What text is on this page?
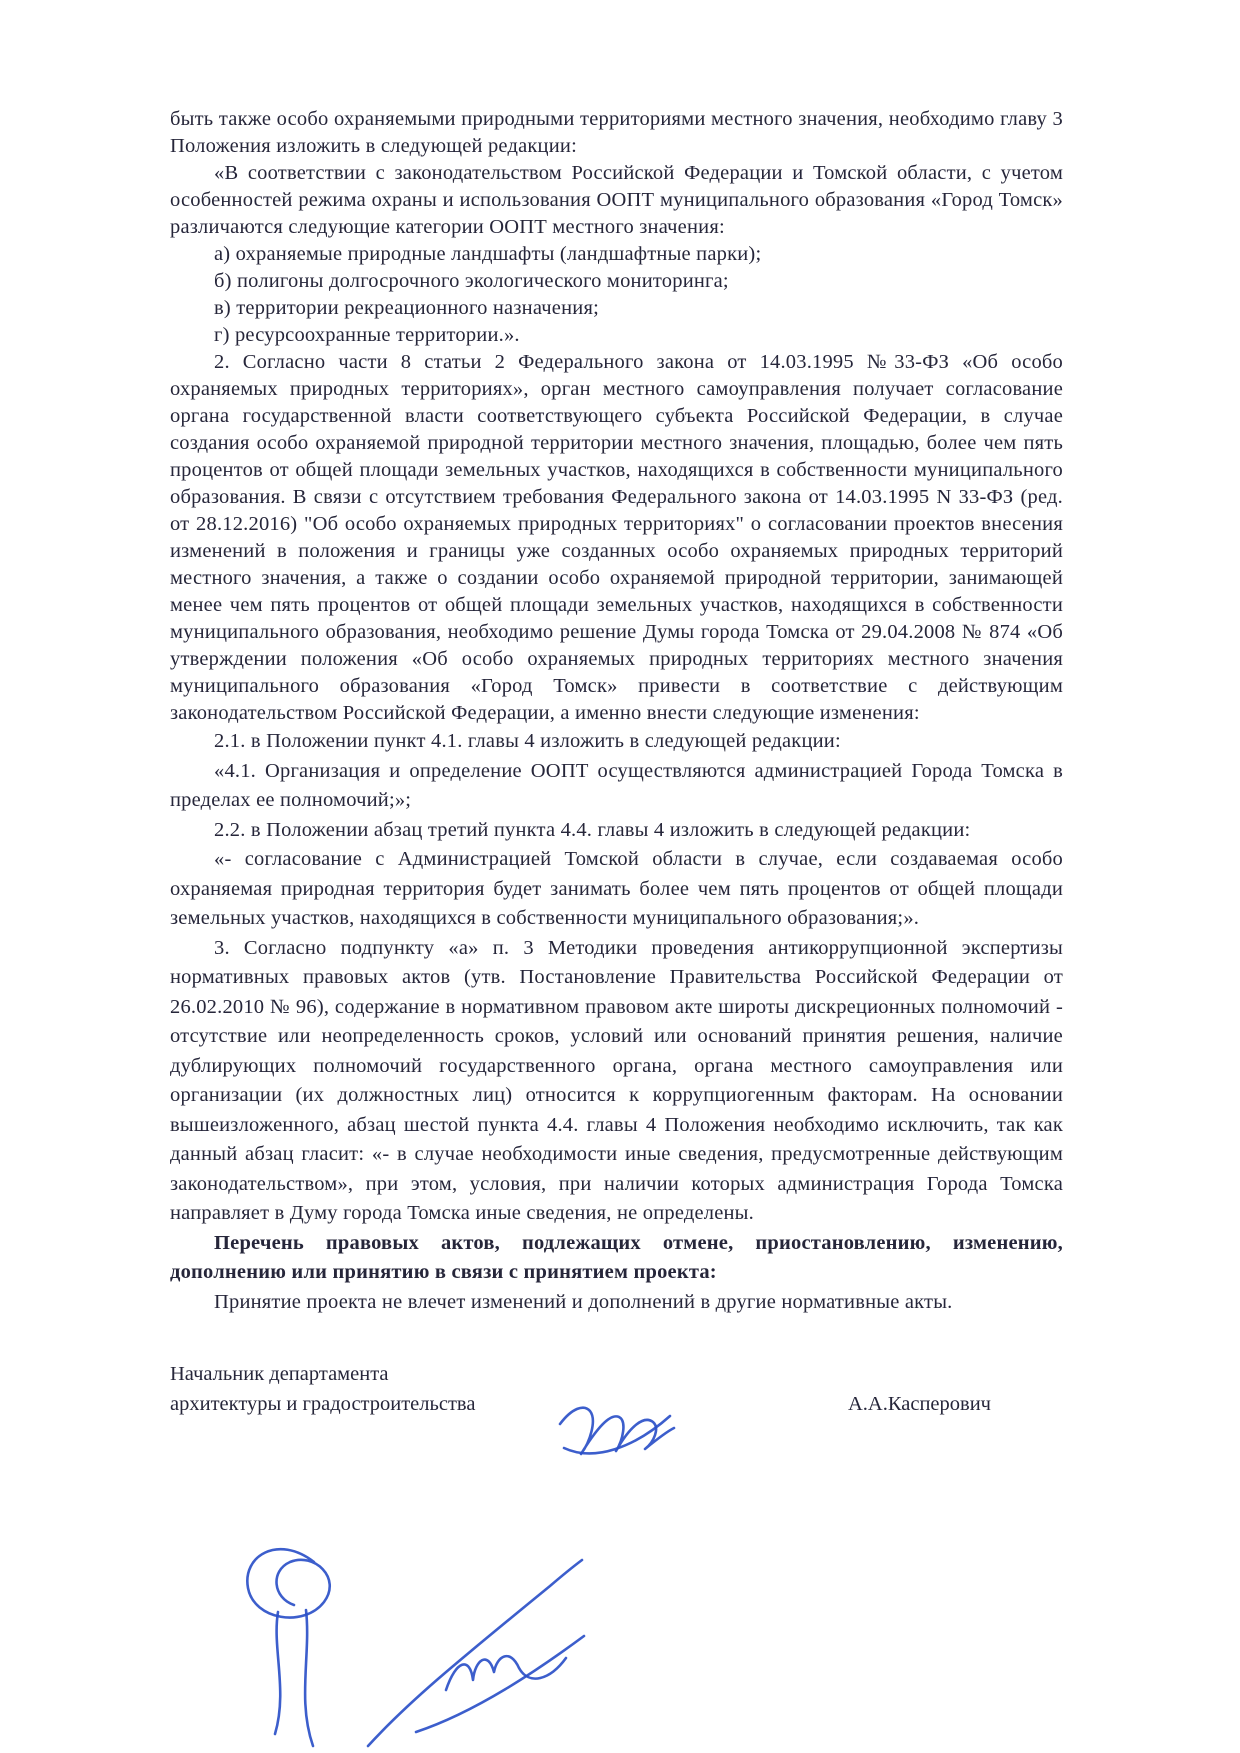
быть также особо охраняемыми природными территориями местного значения, необходимо главу 3 Положения изложить в следующей редакции:

«В соответствии с законодательством Российской Федерации и Томской области, с учетом особенностей режима охраны и использования ООПТ муниципального образования «Город Томск» различаются следующие категории ООПТ местного значения:

а) охраняемые природные ландшафты (ландшафтные парки);

б) полигоны долгосрочного экологического мониторинга;

в) территории рекреационного назначения;

г) ресурсоохранные территории.».

2. Согласно части 8 статьи 2 Федерального закона от 14.03.1995 №33-ФЗ «Об особо охраняемых природных территориях», орган местного самоуправления получает согласование органа государственной власти соответствующего субъекта Российской Федерации, в случае создания особо охраняемой природной территории местного значения, площадью, более чем пять процентов от общей площади земельных участков, находящихся в собственности муниципального образования. В связи с отсутствием требования Федерального закона от 14.03.1995 N 33-ФЗ (ред. от 28.12.2016) "Об особо охраняемых природных территориях" о согласовании проектов внесения изменений в положения и границы уже созданных особо охраняемых природных территорий местного значения, а также о создании особо охраняемой природной территории, занимающей менее чем пять процентов от общей площади земельных участков, находящихся в собственности муниципального образования, необходимо решение Думы города Томска от 29.04.2008 № 874 «Об утверждении положения «Об особо охраняемых природных территориях местного значения муниципального образования «Город Томск» привести в соответствие с действующим законодательством Российской Федерации, а именно внести следующие изменения:

2.1. в Положении пункт 4.1. главы 4 изложить в следующей редакции:

«4.1. Организация и определение ООПТ осуществляются администрацией Города Томска в пределах ее полномочий;»;

2.2. в Положении абзац третий пункта 4.4. главы 4 изложить в следующей редакции:

«- согласование с Администрацией Томской области в случае, если создаваемая особо охраняемая природная территория будет занимать более чем пять процентов от общей площади земельных участков, находящихся в собственности муниципального образования;».

3. Согласно подпункту «а» п. 3 Методики проведения антикоррупционной экспертизы нормативных правовых актов (утв. Постановление Правительства Российской Федерации от 26.02.2010 № 96), содержание в нормативном правовом акте широты дискреционных полномочий - отсутствие или неопределенность сроков, условий или оснований принятия решения, наличие дублирующих полномочий государственного органа, органа местного самоуправления или организации (их должностных лиц) относится к коррупциогенным факторам. На основании вышеизложенного, абзац шестой пункта 4.4. главы 4 Положения необходимо исключить, так как данный абзац гласит: «- в случае необходимости иные сведения, предусмотренные действующим законодательством», при этом, условия, при наличии которых администрация Города Томска направляет в Думу города Томска иные сведения, не определены.

Перечень правовых актов, подлежащих отмене, приостановлению, изменению, дополнению или принятию в связи с принятием проекта:

Принятие проекта не влечет изменений и дополнений в другие нормативные акты.

Начальник департамента
архитектуры и градостроительства	А.А.Касперович
